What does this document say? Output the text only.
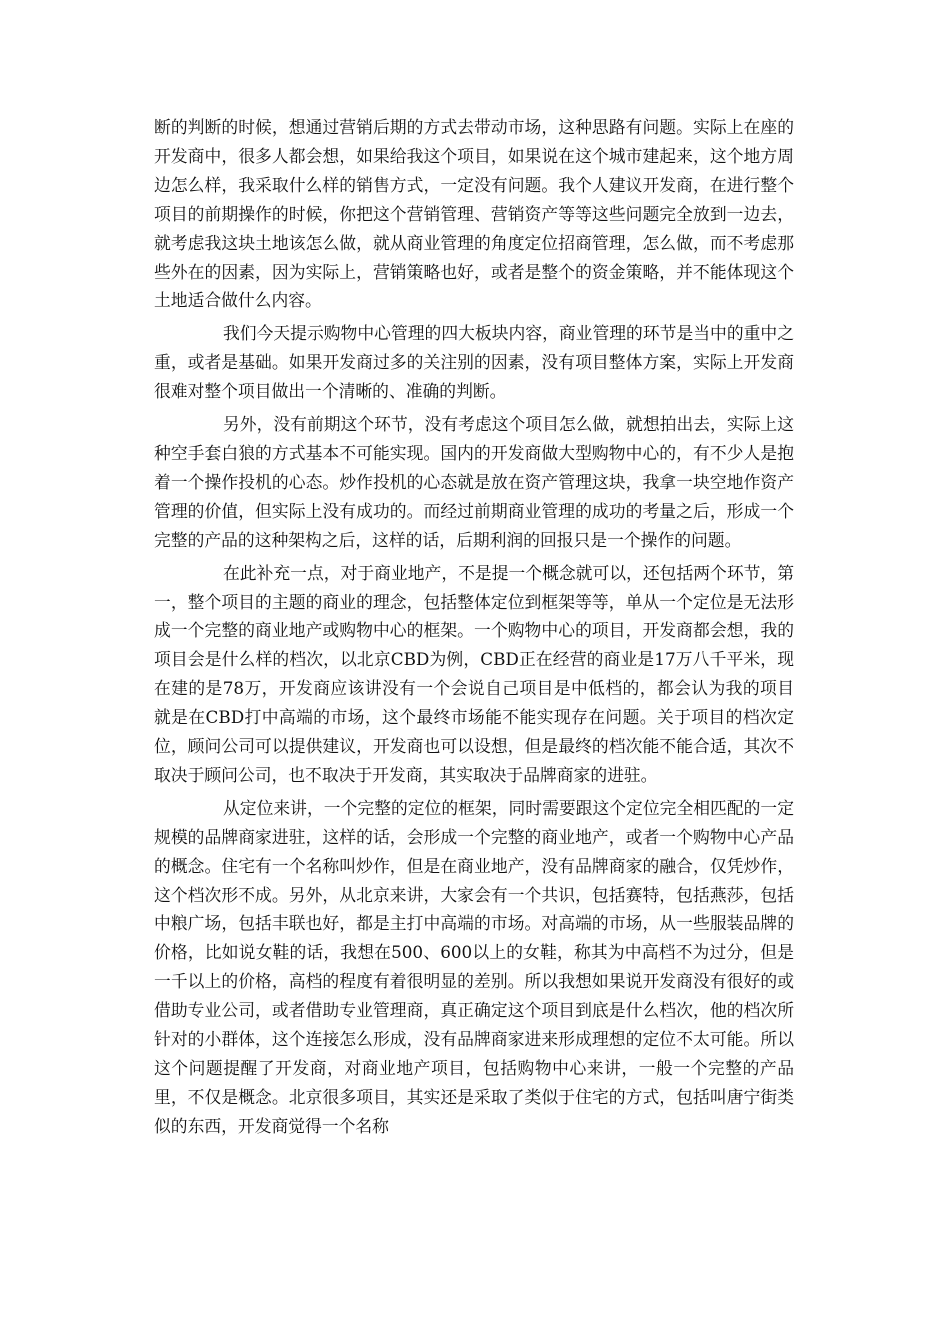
断的判断的时候，想通过营销后期的方式去带动市场，这种思路有问题。实际上在座的开发商中，很多人都会想，如果给我这个项目，如果说在这个城市建起来，这个地方周边怎么样，我采取什么样的销售方式，一定没有问题。我个人建议开发商，在进行整个项目的前期操作的时候，你把这个营销管理、营销资产等等这些问题完全放到一边去，就考虑我这块土地该怎么做，就从商业管理的角度定位招商管理，怎么做，而不考虑那些外在的因素，因为实际上，营销策略也好，或者是整个的资金策略，并不能体现这个土地适合做什么内容。

我们今天提示购物中心管理的四大板块内容，商业管理的环节是当中的重中之重，或者是基础。如果开发商过多的关注别的因素，没有项目整体方案，实际上开发商很难对整个项目做出一个清晰的、准确的判断。

另外，没有前期这个环节，没有考虑这个项目怎么做，就想拍出去，实际上这种空手套白狼的方式基本不可能实现。国内的开发商做大型购物中心的，有不少人是抱着一个操作投机的心态。炒作投机的心态就是放在资产管理这块，我拿一块空地作资产管理的价值，但实际上没有成功的。而经过前期商业管理的成功的考量之后，形成一个完整的产品的这种架构之后，这样的话，后期利润的回报只是一个操作的问题。

在此补充一点，对于商业地产，不是提一个概念就可以，还包括两个环节，第一，整个项目的主题的商业的理念，包括整体定位到框架等等，单从一个定位是无法形成一个完整的商业地产或购物中心的框架。一个购物中心的项目，开发商都会想，我的项目会是什么样的档次，以北京CBD为例，CBD正在经营的商业是17万八千平米，现在建的是78万，开发商应该讲没有一个会说自己项目是中低档的，都会认为我的项目就是在CBD打中高端的市场，这个最终市场能不能实现存在问题。关于项目的档次定位，顾问公司可以提供建议，开发商也可以设想，但是最终的档次能不能合适，其次不取决于顾问公司，也不取决于开发商，其实取决于品牌商家的进驻。

从定位来讲，一个完整的定位的框架，同时需要跟这个定位完全相匹配的一定规模的品牌商家进驻，这样的话，会形成一个完整的商业地产，或者一个购物中心产品的概念。住宅有一个名称叫炒作，但是在商业地产，没有品牌商家的融合，仅凭炒作，这个档次形不成。另外，从北京来讲，大家会有一个共识，包括赛特，包括燕莎，包括中粮广场，包括丰联也好，都是主打中高端的市场。对高端的市场，从一些服装品牌的价格，比如说女鞋的话，我想在500、600以上的女鞋，称其为中高档不为过分，但是一千以上的价格，高档的程度有着很明显的差别。所以我想如果说开发商没有很好的或借助专业公司，或者借助专业管理商，真正确定这个项目到底是什么档次，他的档次所针对的小群体，这个连接怎么形成，没有品牌商家进来形成理想的定位不太可能。所以这个问题提醒了开发商，对商业地产项目，包括购物中心来讲，一般一个完整的产品里，不仅是概念。北京很多项目，其实还是采取了类似于住宅的方式，包括叫唐宁街类似的东西，开发商觉得一个名称
